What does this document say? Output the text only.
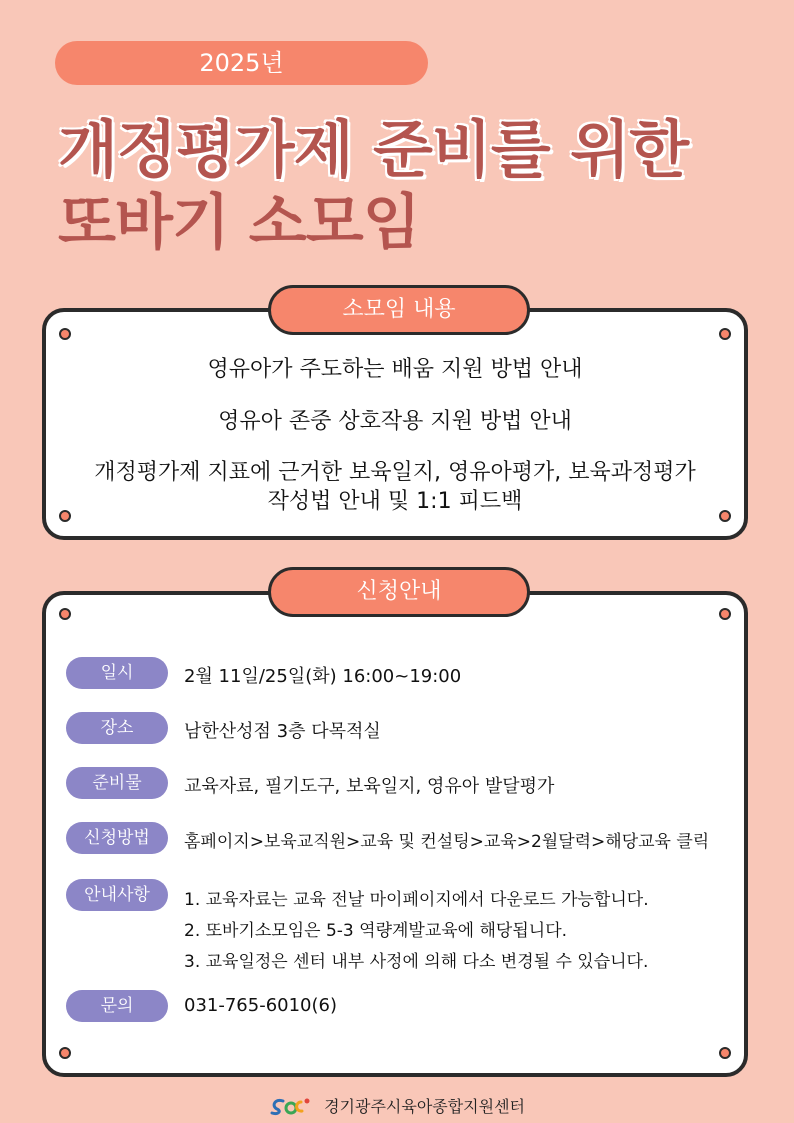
2025년
개정평가제 준비를 위한
또바기 소모임
소모임 내용
영유아가 주도하는 배움 지원 방법 안내
영유아 존중 상호작용 지원 방법 안내
개정평가제 지표에 근거한 보육일지, 영유아평가, 보육과정평가
작성법 안내 및 1:1 피드백
신청안내
일시	2월 11일/25일(화) 16:00~19:00
장소	남한산성점 3층 다목적실
준비물	교육자료, 필기도구, 보육일지, 영유아 발달평가
신청방법	홈페이지>보육교직원>교육 및 컨설팅>교육>2월달력>해당교육 클릭
안내사항	1. 교육자료는 교육 전날 마이페이지에서 다운로드 가능합니다.
2. 또바기소모임은 5-3 역량계발교육에 해당됩니다.
3. 교육일정은 센터 내부 사정에 의해 다소 변경될 수 있습니다.
문의	031-765-6010(6)
경기광주시육아종합지원센터
